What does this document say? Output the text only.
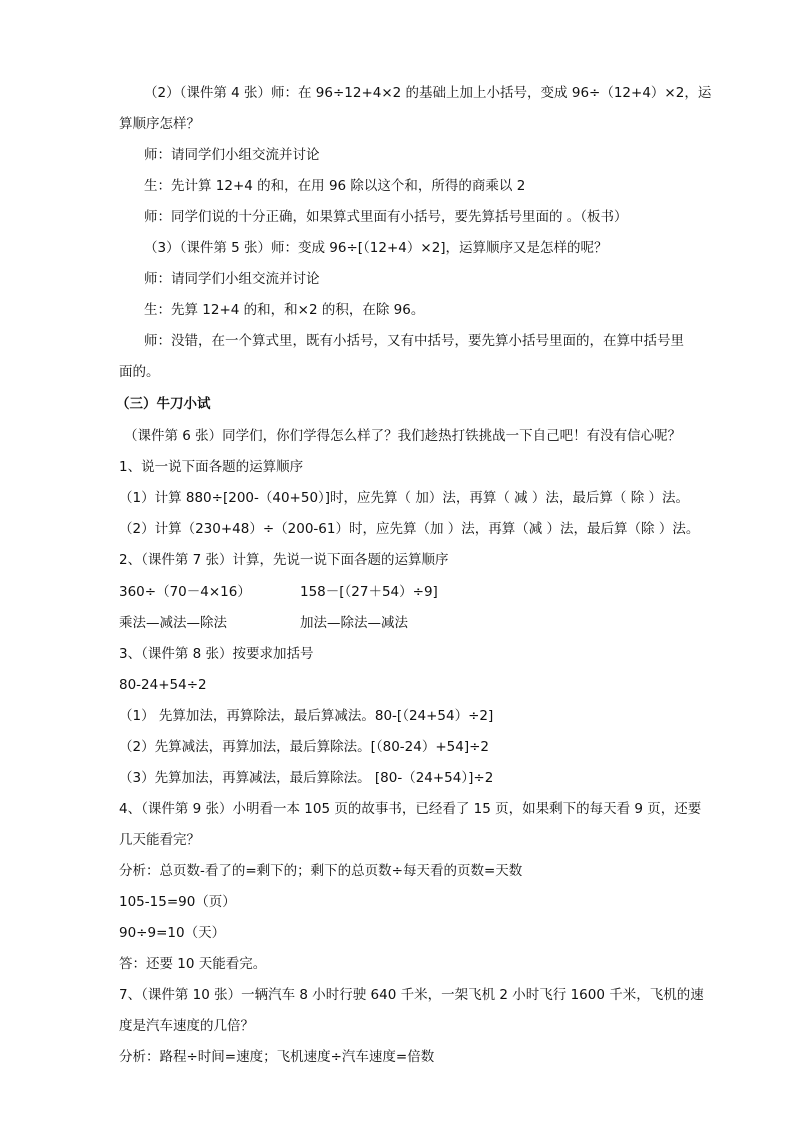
（2）（课件第 4 张）师：在 96÷12+4×2 的基础上加上小括号，变成 96÷（12+4）×2，运
算顺序怎样？
师：请同学们小组交流并讨论
生：先计算 12+4 的和，在用 96 除以这个和，所得的商乘以 2
师：同学们说的十分正确，如果算式里面有小括号，要先算括号里面的 。（板书）
（3）（课件第 5 张）师：变成 96÷[（12+4）×2]，运算顺序又是怎样的呢？
师：请同学们小组交流并讨论
生：先算 12+4 的和，和×2 的积，在除 96。
师：没错，在一个算式里，既有小括号，又有中括号，要先算小括号里面的，在算中括号里
面的。
（三）牛刀小试
（课件第 6 张）同学们，你们学得怎么样了？我们趁热打铁挑战一下自己吧！有没有信心呢？
1、说一说下面各题的运算顺序
（1）计算 880÷[200-（40+50）]时，应先算（ 加）法，再算（ 减 ）法，最后算（ 除 ）法。
（2）计算（230+48）÷（200-61）时，应先算（加 ）法，再算（减 ）法，最后算（除 ）法。
2、（课件第 7 张）计算，先说一说下面各题的运算顺序
360÷（70－4×16）	158－[（27＋54）÷9]
乘法—减法—除法	加法—除法—减法
3、（课件第 8 张）按要求加括号
80-24+54÷2
（1） 先算加法，再算除法，最后算减法。80-[（24+54）÷2]
（2）先算减法，再算加法，最后算除法。[（80-24）+54]÷2
（3）先算加法，再算减法，最后算除法。 [80-（24+54）]÷2
4、（课件第 9 张）小明看一本 105 页的故事书，已经看了 15 页，如果剩下的每天看 9 页，还要
几天能看完？
分析：总页数-看了的=剩下的；剩下的总页数÷每天看的页数=天数
105-15=90（页）
90÷9=10（天）
答：还要 10 天能看完。
7、（课件第 10 张）一辆汽车 8 小时行驶 640 千米，一架飞机 2 小时飞行 1600 千米，飞机的速
度是汽车速度的几倍？
分析：路程÷时间=速度；飞机速度÷汽车速度=倍数
